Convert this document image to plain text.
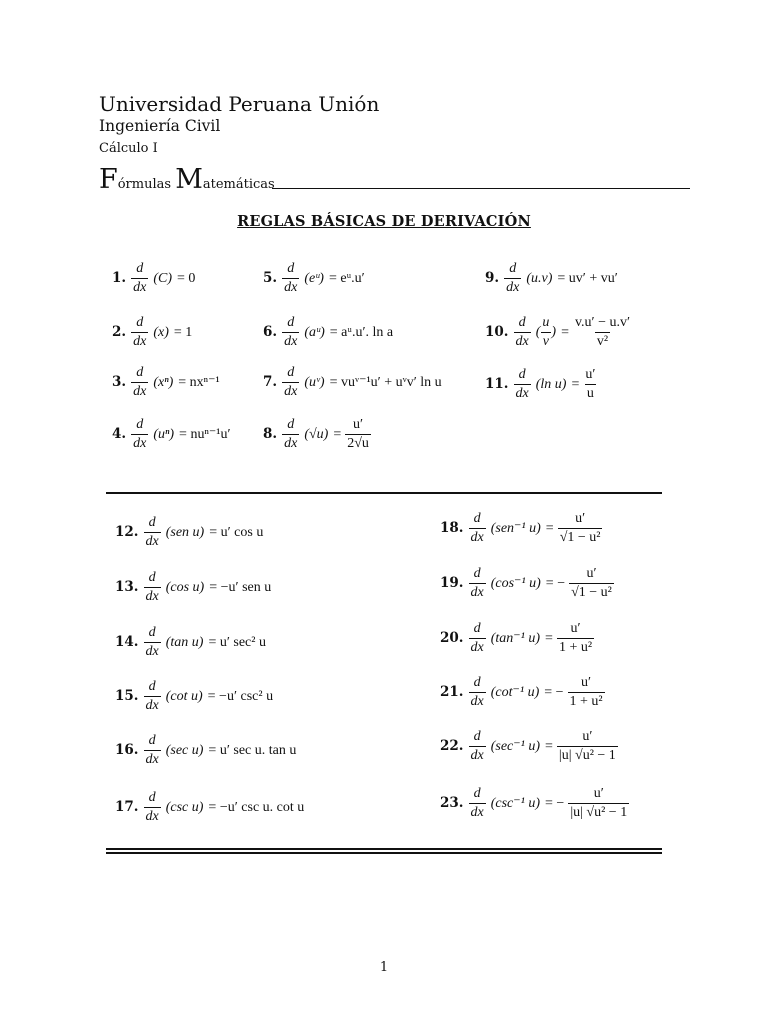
Universidad Peruana Unión
Ingeniería Civil
Cálculo I
Fórmulas Matemáticas
REGLAS BÁSICAS DE DERIVACIÓN
1. $\frac{d}{dx} (C) = 0$
2. $\frac{d}{dx} (x) = 1$
3. $\frac{d}{dx} (x^n) = nx^{n-1}$
4. $\frac{d}{dx} (u^n) = nu^{n-1}u'$
5. $\frac{d}{dx}$ (eᵘ) = eᵘ.u′
6. $\frac{d}{dx}$ (aᵘ) = aᵘ.u′. ln a
7. $\frac{d}{dx}$ (uᵛ) = vuᵛ⁻¹u′ + uᵛv′ ln u
8. $\frac{d}{dx} (√u) = \frac{u'}{2√u}$
9. $\frac{d}{dx} (u.v) = uv' + vu'$
10. $\frac{d}{dx}$ ( $\frac{u}{v}$ ) = $\frac{v.u' - u.v'}{\text{v²}}$
11. $\frac{d}{dx} (\ln$ $u) = \frac{u'}{u}$
12. $\frac{d}{dx} (sen$ u) = u′ cos u
13. $\frac{d}{dx} (\cos$ u) = −u′ sen u
14. $\frac{d}{dx} (\tan$ u) = u′ sec² u
15. $\frac{d}{dx} (\cot$ u) = −u′ csc² u
16. $\frac{d}{dx} (\sec$ u) = u′ sec u. tan u
17. $\frac{d}{dx} (\csc$ u) = −u′ csc u. cot u
18. $\frac{d}{dx} (sen^{-1}$ $u) = \frac{u'}{\text{√1 − u²}}$
19. $\frac{d}{dx} (\cos^{-1}$ u) = − $\frac{u'}{\text{√1 − u²}}$
20. $\frac{d}{dx} (\tan^{-1}$ $u) = \frac{u'}{\text{1 + u²}}$
21. $\frac{d}{dx} (\cot^{-1}$ u) = − $\frac{u'}{\text{1 + u²}}$
22. $\frac{d}{dx} (\sec^{-1}$ $u) = \frac{u'}{\text{|u| √u² − 1}}$
23. $\frac{d}{dx} (\csc^{-1}$ u) = − $\frac{u'}{\text{|u| √u² − 1}}$
1
